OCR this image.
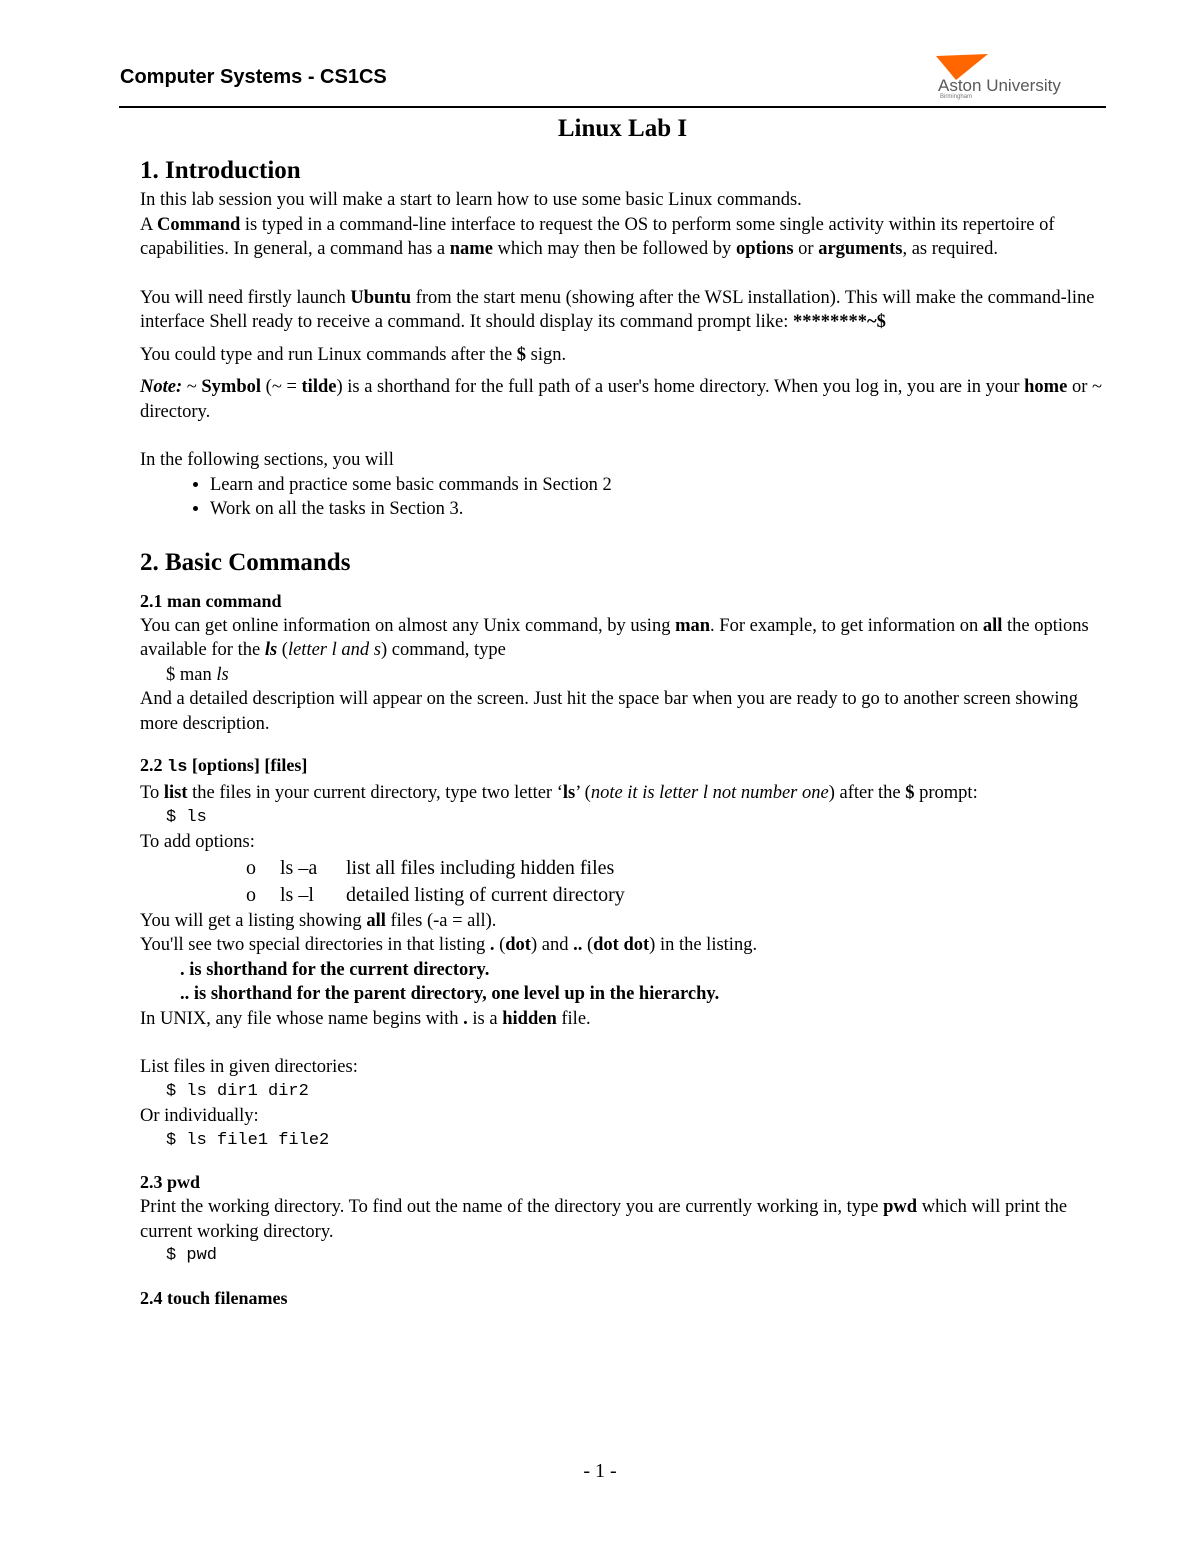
Computer Systems - CS1CS	Aston University
Birmingham
Linux Lab I
1. Introduction

In this lab session you will make a start to learn how to use some basic Linux commands.

A Command is typed in a command-line interface to request the OS to perform some single activity within its repertoire of capabilities. In general, a command has a name which may then be followed by options or arguments, as required.

You will need firstly launch Ubuntu from the start menu (showing after the WSL installation). This will make the command-line interface Shell ready to receive a command. It should display its command prompt like: ********~$

You could type and run Linux commands after the $ sign.

Note: ~ Symbol (~ = tilde) is a shorthand for the full path of a user's home directory. When you log in, you are in your home or ~ directory.

In the following sections, you will

• Learn and practice some basic commands in Section 2
• Work on all the tasks in Section 3.
2. Basic Commands
2.1 man command

You can get online information on almost any Unix command, by using man. For example, to get information on all the options available for the ls (letter l and s) command, type

$ man ls

And a detailed description will appear on the screen. Just hit the space bar when you are ready to go to another screen showing more description.

2.2 ls [options] [files]

To list the files in your current directory, type two letter ‘ls’ (note it is letter l not number one) after the $ prompt:

$ ls

To add options:

o ls –a list all files including hidden files
o ls –l detailed listing of current directory

You will get a listing showing all files (-a = all).

You'll see two special directories in that listing . (dot) and .. (dot dot) in the listing.

. is shorthand for the current directory.

.. is shorthand for the parent directory, one level up in the hierarchy.

In UNIX, any file whose name begins with . is a hidden file.

List files in given directories:

$ ls dir1 dir2

Or individually:

$ ls file1 file2

2.3 pwd

Print the working directory. To find out the name of the directory you are currently working in, type pwd which will print the current working directory.

$ pwd

2.4 touch filenames
- 1 -
